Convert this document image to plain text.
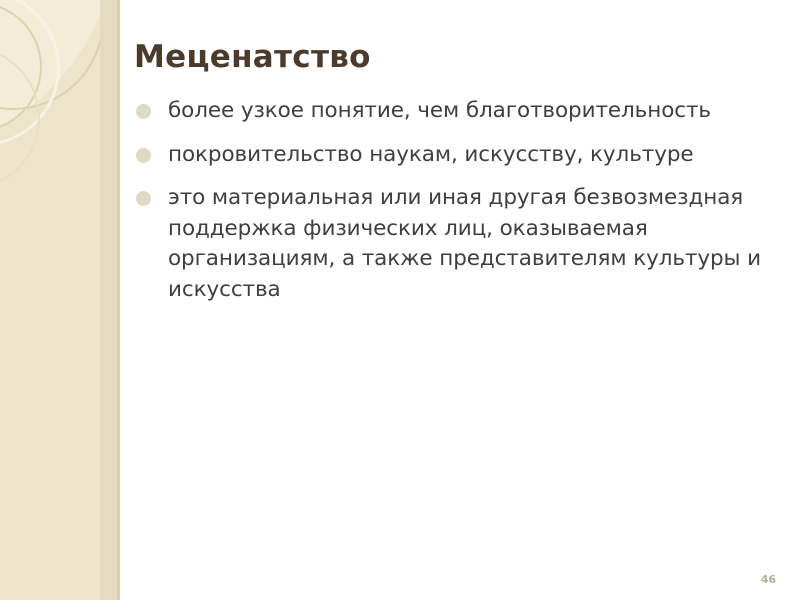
Меценатство
более узкое понятие, чем благотворительность
покровительство наукам, искусству, культуре
это материальная или иная другая безвозмездная поддержка физических лиц, оказываемая организациям, а также представителям культуры и искусства
46
